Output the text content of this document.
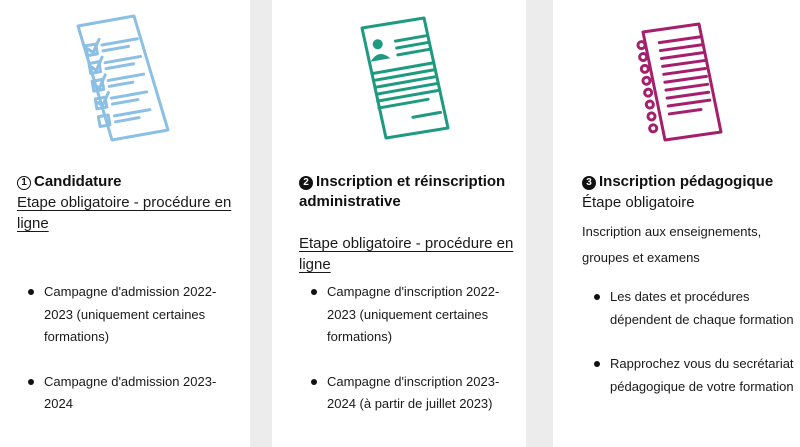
1 Candidature
Etape obligatoire - procédure en ligne
Campagne d'admission 2022-2023 (uniquement certaines formations)
Campagne d'admission 2023-2024
2 Inscription et réinscription administrative
Etape obligatoire - procédure en ligne
Campagne d'inscription 2022-2023 (uniquement certaines formations)
Campagne d'inscription 2023-2024 (à partir de juillet 2023)
3 Inscription pédagogique
Étape obligatoire
Inscription aux enseignements, groupes et examens
Les dates et procédures dépendent de chaque formation
Rapprochez vous du secrétariat pédagogique de votre formation
